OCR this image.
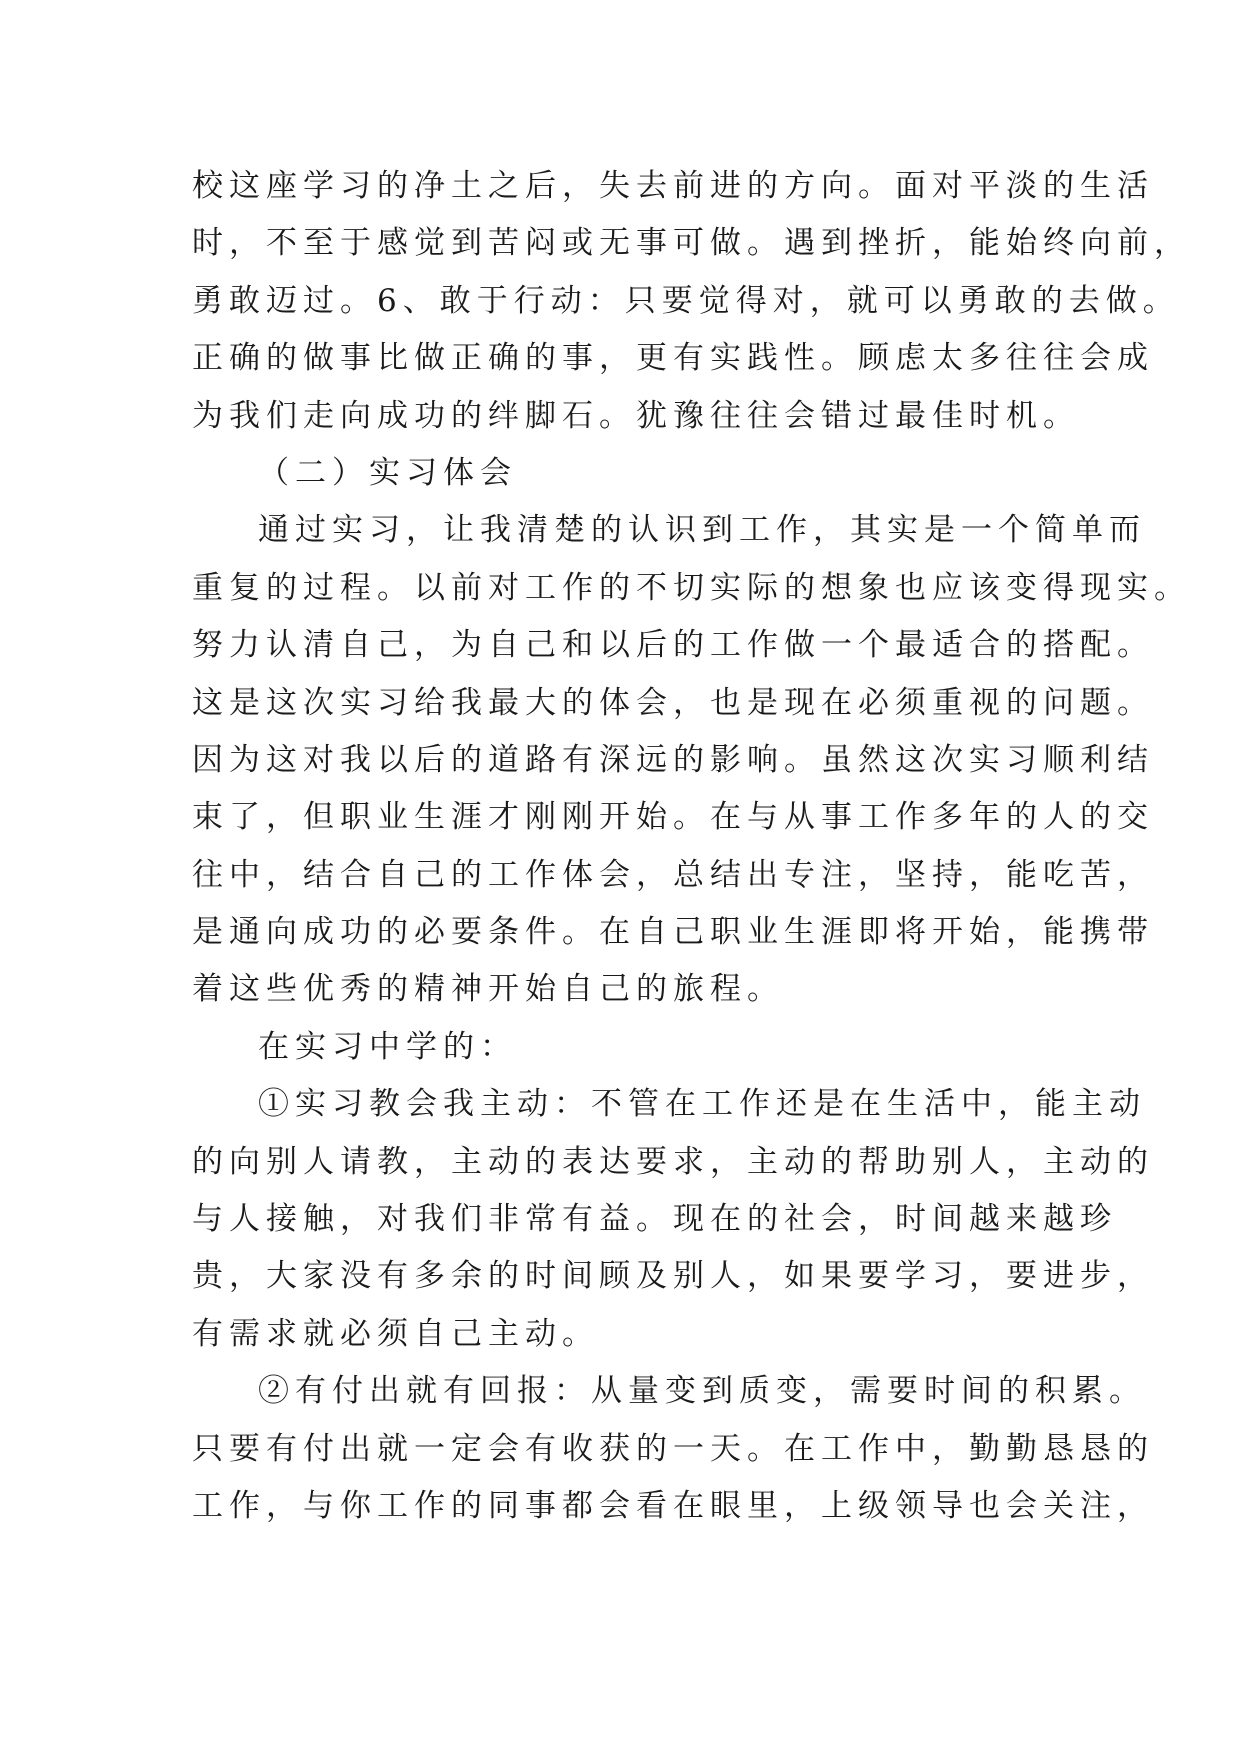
校这座学习的净土之后，失去前进的方向。面对平淡的生活
时，不至于感觉到苦闷或无事可做。遇到挫折，能始终向前，
勇敢迈过。6、敢于行动：只要觉得对，就可以勇敢的去做。
正确的做事比做正确的事，更有实践性。顾虑太多往往会成
为我们走向成功的绊脚石。犹豫往往会错过最佳时机。
（二）实习体会
通过实习，让我清楚的认识到工作，其实是一个简单而
重复的过程。以前对工作的不切实际的想象也应该变得现实。
努力认清自己，为自己和以后的工作做一个最适合的搭配。
这是这次实习给我最大的体会，也是现在必须重视的问题。
因为这对我以后的道路有深远的影响。虽然这次实习顺利结
束了，但职业生涯才刚刚开始。在与从事工作多年的人的交
往中，结合自己的工作体会，总结出专注，坚持，能吃苦，
是通向成功的必要条件。在自己职业生涯即将开始，能携带
着这些优秀的精神开始自己的旅程。
在实习中学的：
①实习教会我主动：不管在工作还是在生活中，能主动
的向别人请教，主动的表达要求，主动的帮助别人，主动的
与人接触，对我们非常有益。现在的社会，时间越来越珍
贵，大家没有多余的时间顾及别人，如果要学习，要进步，
有需求就必须自己主动。
②有付出就有回报：从量变到质变，需要时间的积累。
只要有付出就一定会有收获的一天。在工作中，勤勤恳恳的
工作，与你工作的同事都会看在眼里，上级领导也会关注，
